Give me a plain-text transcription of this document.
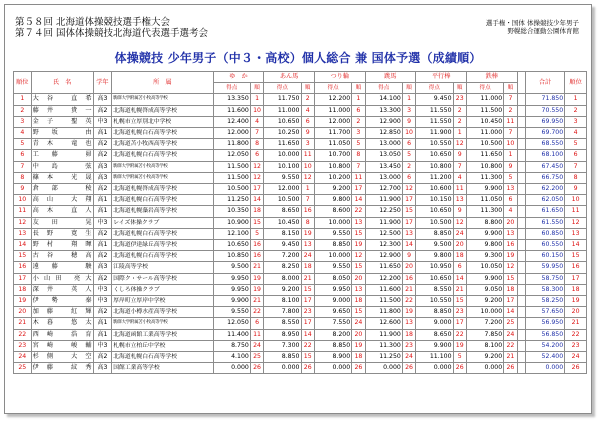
第５８回 北海道体操競技選手権大会
第７４回 国体体操競技北海道代表選手選考会
選手権・国体 体操競技少年男子
野幌総合運動公園体育館
体操競技 少年男子（中３・高校）個人総合 兼 国体予選（成績順）
順位	氏　名	学年	所　属	ゆ　か		あん馬		つり輪		跳馬		平行棒		鉄棒			合計	順位
				得点	順	得点	順	得点	順	得点	順	得点	順	得点	順			
1	大谷 直希	高3	駒澤大学附属苫小牧高等学校	13.350	1	11.750	2	12.200	1	14.100	1	9.450	23	11.000	7		71.850	1
2	藤井 貴一	高2	北海道札幌啓成高等学校	11.600	10	11.000	4	11.000	6	13.300	3	11.550	2	11.500	2		70.550	2
3	金子 聖英	中3	札幌市立厚別北中学校	12.400	4	10.650	6	12.000	2	12.900	9	11.550	2	10.450	11		69.950	3
4	野坂 由	高1	北海道札幌白石高等学校	12.000	7	10.250	9	11.700	3	12.850	10	11.900	1	11.000	7		69.700	4
5	青木 竜也	高2	北海道苫小牧西高等学校	11.800	8	11.650	3	11.050	5	13.000	6	10.550	12	10.500	10		68.550	5
6	工藤 昴	高2	北海道札幌白石高等学校	12.050	6	10.000	11	10.700	8	13.050	5	10.650	9	11.650	1		68.100	6
7	中島 弦	高3	駒澤大学附属苫小牧高等学校	11.500	12	10.100	10	10.800	7	13.450	2	10.800	7	10.800	9		67.450	7
8	篠本 光晟	高3	駒澤大学附属苫小牧高等学校	11.500	12	9.550	12	10.200	11	13.000	6	11.200	4	11.300	5		66.750	8
9	倉部 稜	高2	北海道札幌啓成高等学校	10.500	17	12.000	1	9.200	17	12.700	12	10.600	11	9.900	13		62.200	9
10	高山 大翔	高1	北海道札幌白石高等学校	11.250	14	10.500	7	9.800	14	11.900	17	10.150	13	11.050	6		62.050	10
11	高木 直人	高1	北海道札幌藻岩高等学校	10.350	18	8.650	16	8.600	22	12.250	15	10.650	9	11.300	4		61.650	11
12	友田 晃	中3	レイズ体操クラブ	10.900	15	10.450	8	10.000	13	11.900	17	10.500	12	8.800	20		61.550	12
13	長野 寛生	高2	北海道札幌白石高等学校	12.100	5	8.150	19	9.550	15	12.500	13	8.850	24	9.900	13		60.850	13
14	野村 翔暉	高1	北海道伊達緑丘高等学校	10.650	16	9.450	13	8.850	19	12.300	14	9.500	20	9.800	16		60.550	14
15	古谷 穂高	高2	北海道札幌白石高等学校	10.850	16	7.200	24	10.000	12	12.900	9	9.800	18	9.300	19		60.150	15
16	遠藤 駿	高3	江陵高等学校	9.500	21	8.250	18	9.550	15	11.650	20	10.950	6	10.050	12		59.950	16
17	小山田 亮大	高2	国際ク・サール高等学校	9.950	19	8.000	21	8.050	20	12.200	16	10.650	14	9.900	15		58.750	17
18	深井 英人	中3	くしろ体操クラブ	9.950	19	9.200	15	9.950	13	11.600	21	8.550	21	9.050	18		58.300	18
19	伊勢 秦	中3	厚岸町立厚岸中学校	9.900	21	8.100	17	9.000	18	11.500	22	10.550	15	9.200	17		58.250	19
20	加藤 紅輝	高2	北海道小樽水産高等学校	9.550	22	7.800	23	9.650	15	11.800	19	8.850	23	10.000	14		57.650	20
21	木暮 悠太	高1	駒澤大学附属苫小牧高等学校	12.050	6	8.550	17	7.550	24	12.600	13	9.000	17	7.200	25		56.950	21
22	西崎 浩育	高1	北海道函館工業高等学校	11.400	11	8.950	14	8.200	20	11.900	18	8.650	22	7.850	24		56.850	22
23	宮崎 峻輔	中3	札幌市立柏丘中学校	8.750	24	7.300	22	8.850	19	11.300	23	9.900	19	8.100	22		54.200	23
24	杉側 大空	高2	北海道札幌白石高等学校	4.100	25	8.850	15	8.900	18	11.250	24	11.100	5	9.200	21		52.400	24
25	伊藤 紋秀	高3	国館工業高等学校	0.000	26	0.000	26	0.000	26	0.000	26	0.000	26	0.000	26		0.000	26
